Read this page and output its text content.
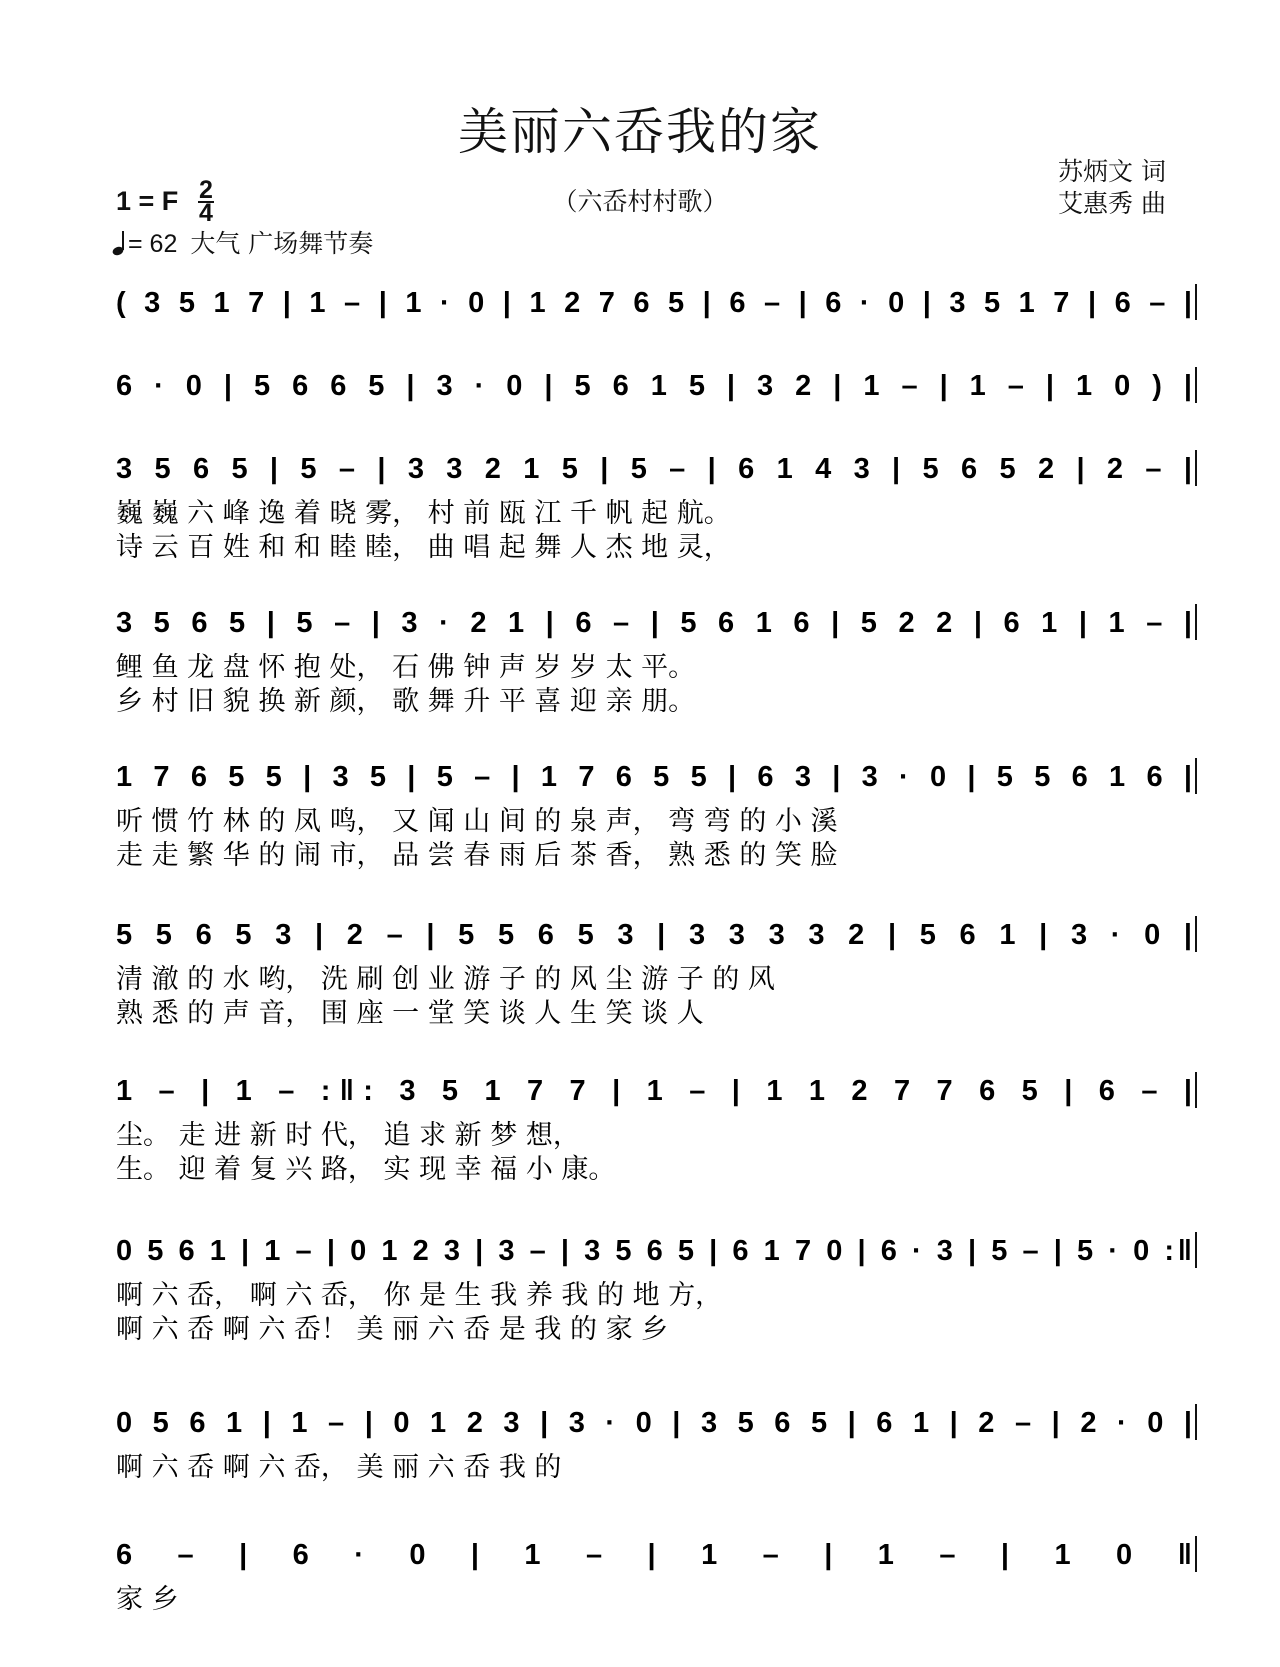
美丽六岙我的家
（六岙村村歌）
苏炳文 词
艾惠秀 曲
1 = F 2
4
= 62 大气 广场舞节奏
( 3 5 1 7 | 1 – | 1 · 0 | 1 2 7 6 5 | 6 – | 6 · 0 | 3 5 1 7 | 6 – |
6 · 0 | 5 6 6 5 | 3 · 0 | 5 6 1 5 | 3 2 | 1 – | 1 – | 1 0 ) |
3 5 6 5 | 5 – | 3 3 2 1 5 | 5 – | 6 1 4 3 | 5 6 5 2 | 2 – |
巍 巍 六 峰 逸 着 晓 雾， 村 前 瓯 江 千 帆 起 航。
诗 云 百 姓 和 和 睦 睦， 曲 唱 起 舞 人 杰 地 灵，
3 5 6 5 | 5 – | 3 · 2 1 | 6 – | 5 6 1 6 | 5 2 2 | 6 1 | 1 – |
鲤 鱼 龙 盘 怀 抱 处， 石 佛 钟 声 岁 岁 太 平。
乡 村 旧 貌 换 新 颜， 歌 舞 升 平 喜 迎 亲 朋。
1 7 6 5 5 | 3 5 | 5 – | 1 7 6 5 5 | 6 3 | 3 · 0 | 5 5 6 1 6 |
听 惯 竹 林 的 凤 鸣， 又 闻 山 间 的 泉 声， 弯 弯 的 小 溪
走 走 繁 华 的 闹 市， 品 尝 春 雨 后 茶 香， 熟 悉 的 笑 脸
5 5 6 5 3 | 2 – | 5 5 6 5 3 | 3 3 3 3 2 | 5 6 1 | 3 · 0 |
清 澈 的 水 哟， 洗 刷 创 业 游 子 的 风 尘 游 子 的 风
熟 悉 的 声 音， 围 座 一 堂 笑 谈 人 生 笑 谈 人
1 – | 1 – :‖: 3 5 1 7 7 | 1 – | 1 1 2 7 7 6 5 | 6 – |
尘。 走 进 新 时 代， 追 求 新 梦 想，
生。 迎 着 复 兴 路， 实 现 幸 福 小 康。
0 5 6 1 | 1 – | 0 1 2 3 | 3 – | 3 5 6 5 | 6 1 7 0 | 6 · 3 | 5 – | 5 · 0 :‖
啊 六 岙， 啊 六 岙， 你 是 生 我 养 我 的 地 方，
啊 六 岙 啊 六 岙！ 美 丽 六 岙 是 我 的 家 乡
0 5 6 1 | 1 – | 0 1 2 3 | 3 · 0 | 3 5 6 5 | 6 1 | 2 – | 2 · 0 |
啊 六 岙 啊 六 岙， 美 丽 六 岙 我 的
6 – | 6 · 0 | 1 – | 1 – | 1 – | 1 0 ‖
家 乡
